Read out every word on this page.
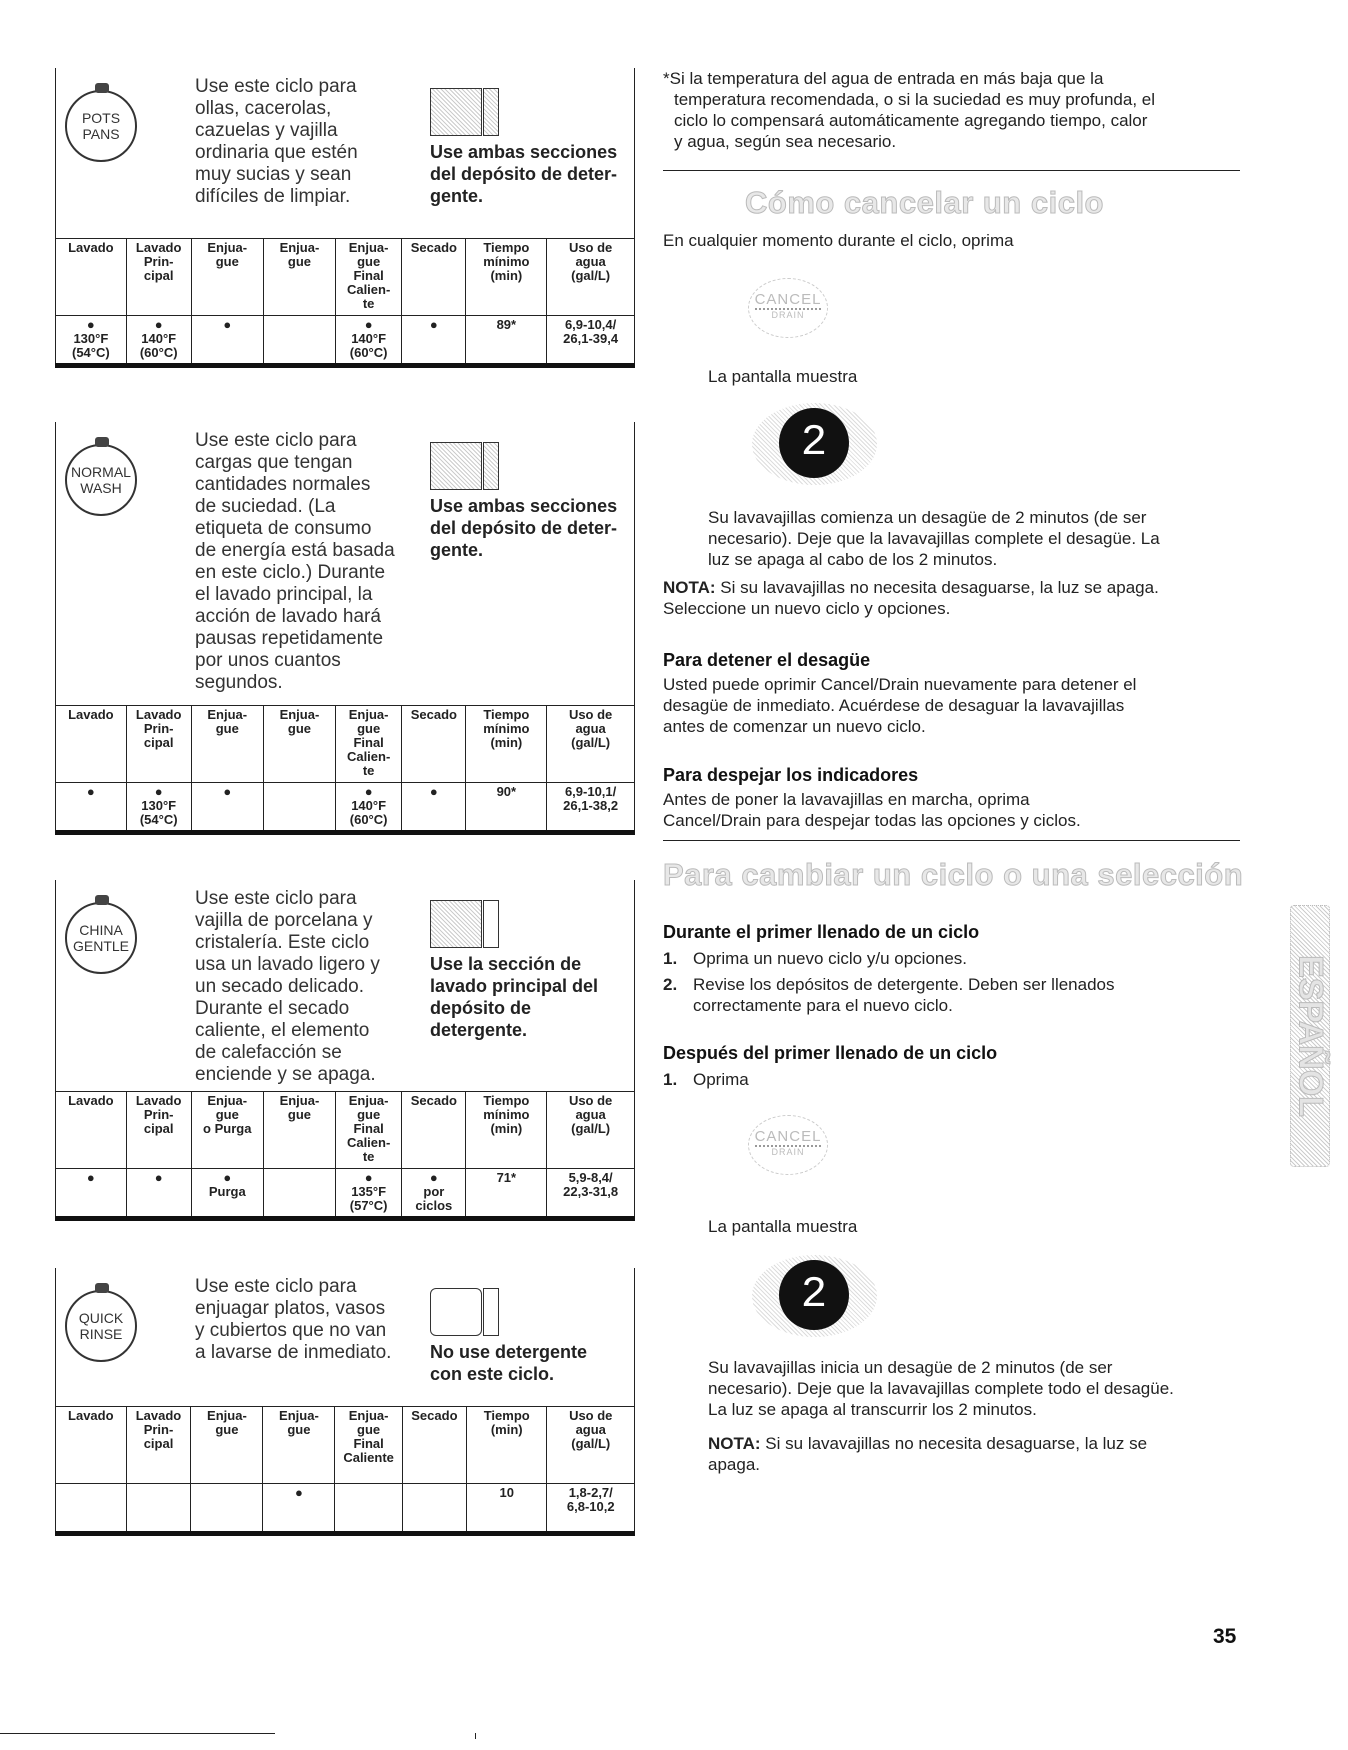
POTS
PANS
Use este ciclo para
ollas, cacerolas,
cazuelas y vajilla
ordinaria que estén
muy sucias y sean
difíciles de limpiar.
Use ambas secciones
del depósito de deter-
gente.
Lavado	Lavado
Prin-
cipal	Enjua-
gue	Enjua-
gue	Enjua-
gue
Final
Calien-
te	Secado	Tiempo
mínimo
(min)	Uso de
agua
(gal/L)
●
130°F
(54°C)	●
140°F
(60°C)	●		●
140°F
(60°C)	●	89*	6,9-10,4/
26,1-39,4
NORMAL
WASH
Use este ciclo para
cargas que tengan
cantidades normales
de suciedad. (La
etiqueta de consumo
de energía está basada
en este ciclo.) Durante
el lavado principal, la
acción de lavado hará
pausas repetidamente
por unos cuantos
segundos.
Use ambas secciones
del depósito de deter-
gente.
Lavado	Lavado
Prin-
cipal	Enjua-
gue	Enjua-
gue	Enjua-
gue
Final
Calien-
te	Secado	Tiempo
mínimo
(min)	Uso de
agua
(gal/L)
●	●
130°F
(54°C)	●		●
140°F
(60°C)	●	90*	6,9-10,1/
26,1-38,2
CHINA
GENTLE
Use este ciclo para
vajilla de porcelana y
cristalería. Este ciclo
usa un lavado ligero y
un secado delicado.
Durante el secado
caliente, el elemento
de calefacción se
enciende y se apaga.
Use la sección de
lavado principal del
depósito de
detergente.
Lavado	Lavado
Prin-
cipal	Enjua-
gue
o Purga	Enjua-
gue	Enjua-
gue
Final
Calien-
te	Secado	Tiempo
mínimo
(min)	Uso de
agua
(gal/L)
●	●	●
Purga		●
135°F
(57°C)	●
por
ciclos	71*	5,9-8,4/
22,3-31,8
QUICK
RINSE
Use este ciclo para
enjuagar platos, vasos
y cubiertos que no van
a lavarse de inmediato. No use detergente
con este ciclo.
Lavado	Lavado
Prin-
cipal	Enjua-
gue	Enjua-
gue	Enjua-
gue
Final
Caliente	Secado	Tiempo
(min)	Uso de
agua
(gal/L)
			●			10	1,8-2,7/
6,8-10,2
*Si la temperatura del agua de entrada en más baja que la
temperatura recomendada, o si la suciedad es muy profunda, el
ciclo lo compensará automáticamente agregando tiempo, calor
y agua, según sea necesario.
Cómo cancelar un ciclo
En cualquier momento durante el ciclo, oprima
CANCEL
DRAIN
La pantalla muestra
2
Su lavavajillas comienza un desagüe de 2 minutos (de ser
necesario). Deje que la lavavajillas complete el desagüe. La
luz se apaga al cabo de los 2 minutos.
NOTA: Si su lavavajillas no necesita desaguarse, la luz se apaga.
Seleccione un nuevo ciclo y opciones.
Para detener el desagüe
Usted puede oprimir Cancel/Drain nuevamente para detener el
desagüe de inmediato. Acuérdese de desaguar la lavavajillas
antes de comenzar un nuevo ciclo.
Para despejar los indicadores
Antes de poner la lavavajillas en marcha, oprima
Cancel/Drain para despejar todas las opciones y ciclos.
Para cambiar un ciclo o una selección
Durante el primer llenado de un ciclo
1. Oprima un nuevo ciclo y/u opciones.
2. Revise los depósitos de detergente. Deben ser llenados
correctamente para el nuevo ciclo.
Después del primer llenado de un ciclo
1. Oprima
CANCEL
DRAIN
La pantalla muestra
2
Su lavavajillas inicia un desagüe de 2 minutos (de ser
necesario). Deje que la lavavajillas complete todo el desagüe.
La luz se apaga al transcurrir los 2 minutos.
NOTA: Si su lavavajillas no necesita desaguarse, la luz se
apaga.
ESPAÑOL
35
